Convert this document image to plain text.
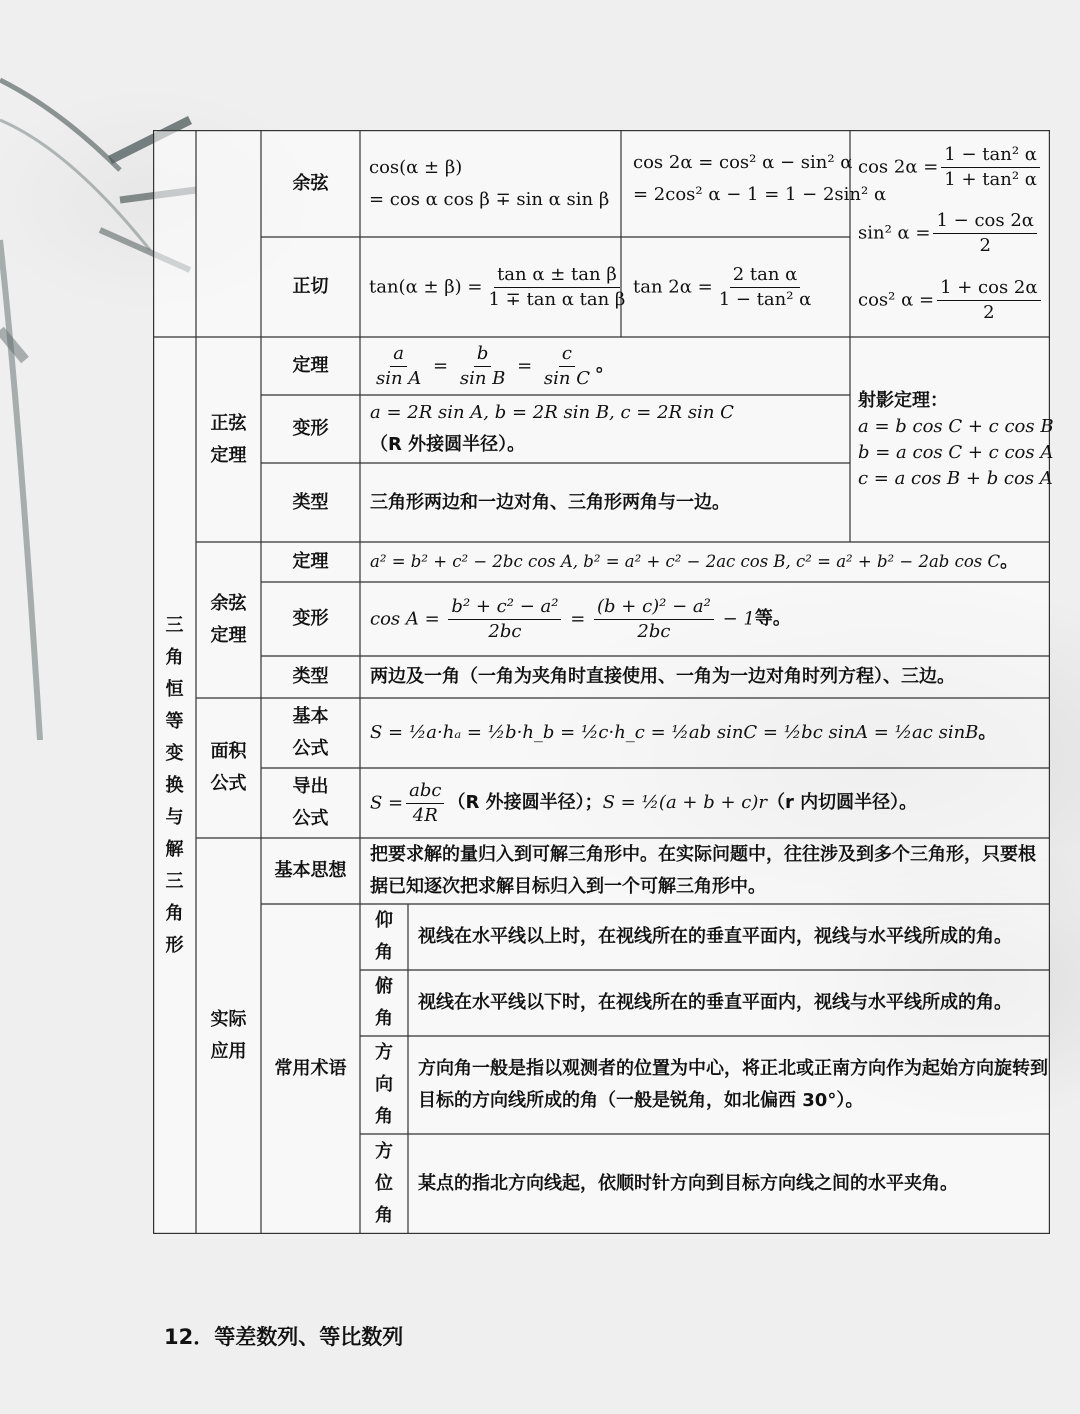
余弦
cos(α ± β)
= cos α cos β ∓ sin α sin β
cos 2α = cos² α − sin² α
= 2cos² α − 1 = 1 − 2sin² α
$\cos 2\alpha = \frac{\text{1 − tan² α}}{\text{1 + tan² α}}$
sin² $\alpha = \frac{1 - \cos 2\alpha}{2}$
cos² $\alpha = \frac{1 + \cos 2\alpha}{2}$
正切 $\tan(\alpha \pm \beta) = \frac{\text{tan α ± tan β}}{\text{1 ∓ tan α tan β}}$ $\tan 2\alpha = \frac{\text{2 tan α}}{\text{1 − tan² α}}$
三角恒等变换与解三角形
正弦定理
定理 $\frac{a}{\text{sin A}} = \frac{b}{\text{sin B}} = \frac{c}{\text{sin C}}$ 。
变形
a = 2R sin A, b = 2R sin B, c = 2R sin C
（R 外接圆半径）。
类型 三角形两边和一边对角、三角形两角与一边。
射影定理：
a = b cos C + c cos B
b = a cos C + c cos A
c = a cos B + b cos A
余弦定理
定理	a² = b² + c² − 2bc cos A, b² = a² + c² − 2ac cos B, c² = a² + b² − 2ab cos C 。
变形 $\cos A = \frac{\text{b² + c² − a²}}{2bc} = \frac{\text{(b + c)² − a²}}{2bc} - 1$ 等。
类型 两边及一角（一角为夹角时直接使用、一角为一边对角时列方程）、三边。
面积公式
基本公式
S = ½a·hₐ = ½b·h_b = ½c·h_c = ½ab sinC = ½bc sinA = ½ac sinB 。
导出公式
$S = \frac{\text{abc}}{4R} (R$ 外接圆半径）； S = ½(a + b + c)r （r 内切圆半径）。
实际应用
基本思想
把要求解的量归入到可解三角形中。在实际问题中，往往涉及到多个三角形，只要根据已知逐次把求解目标归入到一个可解三角形中。
常用术语
仰角
视线在水平线以上时，在视线所在的垂直平面内，视线与水平线所成的角。
俯角
视线在水平线以下时，在视线所在的垂直平面内，视线与水平线所成的角。
方向角
方向角一般是指以观测者的位置为中心，将正北或正南方向作为起始方向旋转到目标的方向线所成的角（一般是锐角，如北偏西 30°）。
方位角
某点的指北方向线起，依顺时针方向到目标方向线之间的水平夹角。
12．等差数列、等比数列
